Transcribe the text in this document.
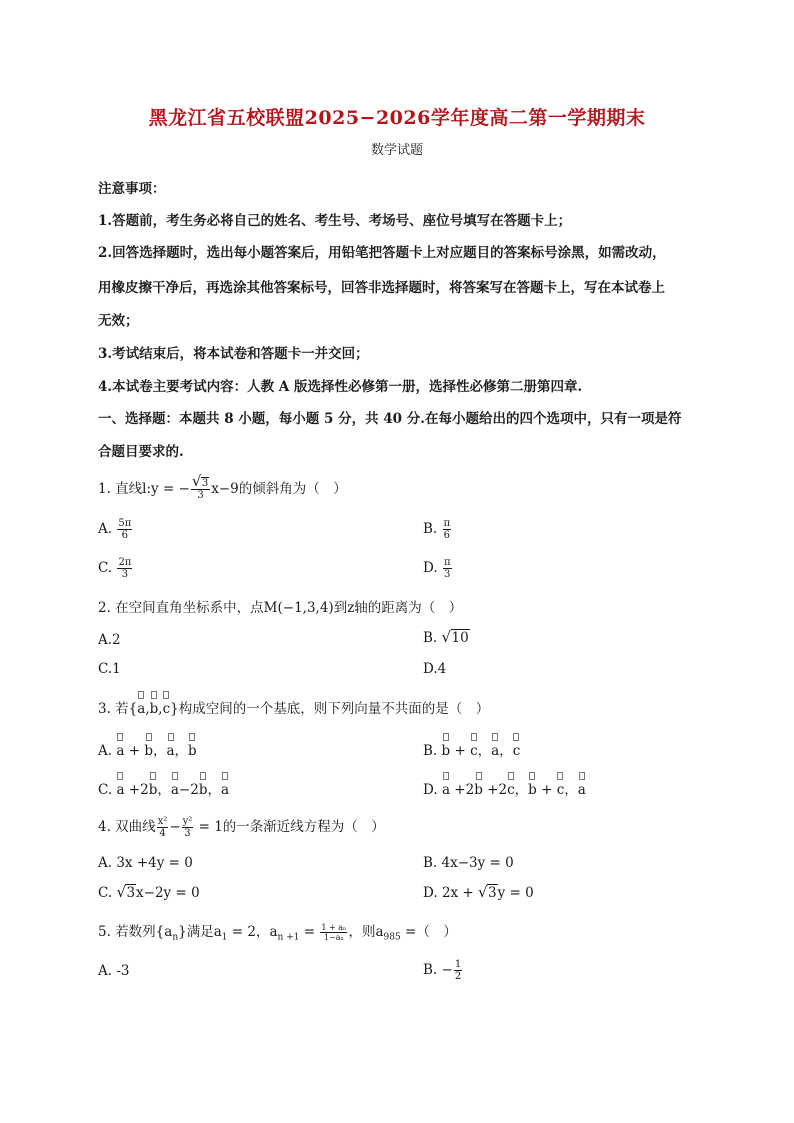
黑龙江省五校联盟2025−2026学年度高二第一学期期末
数学试题
注意事项：
1.答题前，考生务必将自己的姓名、考生号、考场号、座位号填写在答题卡上；
2.回答选择题时，选出每小题答案后，用铅笔把答题卡上对应题目的答案标号涂黑，如需改动，
用橡皮擦干净后，再选涂其他答案标号，回答非选择题时，将答案写在答题卡上，写在本试卷上
无效；
3.考试结束后，将本试卷和答题卡一并交回；
4.本试卷主要考试内容：人教 A 版选择性必修第一册，选择性必修第二册第四章.
一、选择题：本题共 8 小题，每小题 5 分，共 40 分.在每小题给出的四个选项中，只有一项是符
合题目要求的.
1. 直线l:y = − √ $\frac{3}{3} x-9$的倾斜角为（　）
A. $\frac{5\pi}{6}$	B. $\frac{\pi}{6}$
C. $\frac{2\pi}{3}$	D. $\frac{\pi}{3}$
2. 在空间直角坐标系中，点M(−1,3,4)到z轴的距离为（　）
A.2	B. √ 10
C.1	D.4
3. 若{a,b,c}构成空间的一个基底，则下列向量不共面的是（　）
A. a + b，a，b	B. b + c，a，c
C. a +2b，a−2b，a	D. a +2b +2c，b + c，a
4. 双曲线 $\frac{\text{x²}}{4} - \frac{\text{y²}}{3} = 1$的一条渐近线方程为（　）
A. 3x +4y = 0	B. 4x−3y = 0
C. √ 3x−2y = 0	D. 2x + √ 3y = 0
5. 若数列$\{a_n\}$满足$a_1 = 2$，$a_{n +1} = \frac{\text{1 + aₙ}}{\text{1−aₙ}}$ ，则$a_{985}$ =（　）
A. -3	B. − $\frac{1}{2}$
